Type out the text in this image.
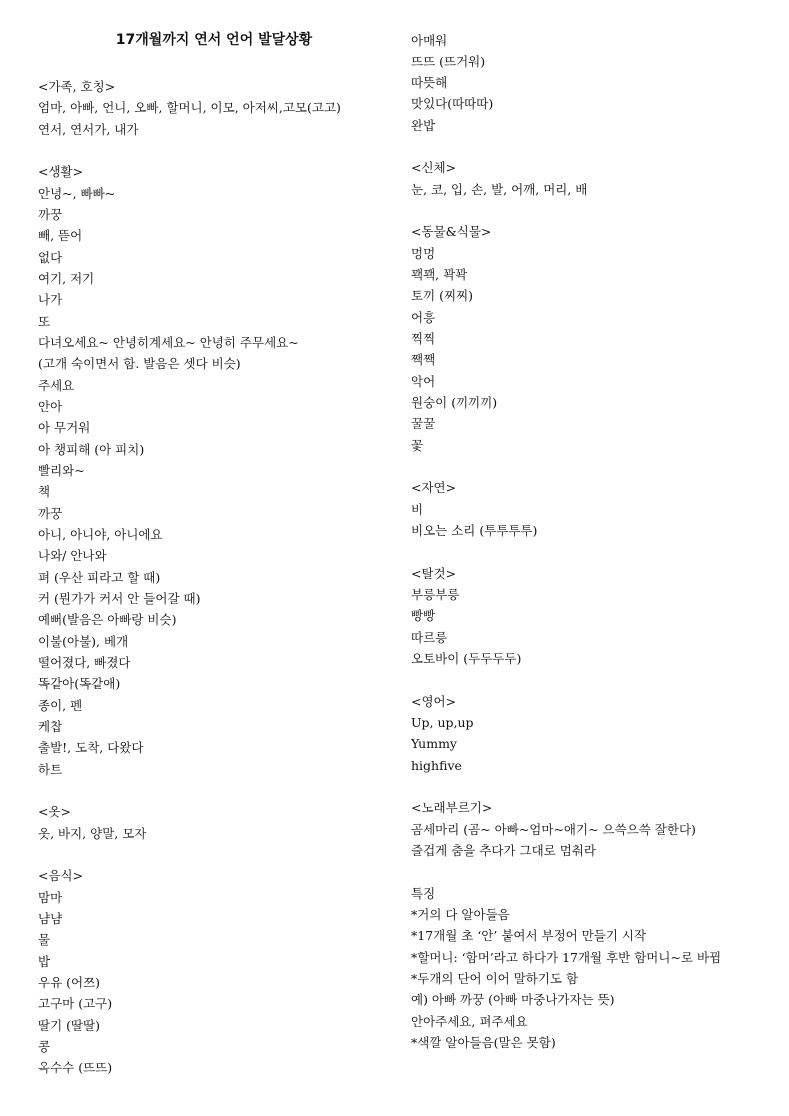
17개월까지 연서 언어 발달상황
<가족, 호칭>
엄마, 아빠, 언니, 오빠, 할머니, 이모, 아저씨,고모(고고)
연서, 연서가, 내가
<생활>
안녕~, 빠빠~
까꿍
빼, 뜯어
없다
여기, 저기
나가
또
다녀오세요~ 안녕히계세요~ 안녕히 주무세요~
(고개 숙이면서 함. 발음은 셋다 비슷)
주세요
안아
아 무거워
아 챙피해 (아 피치)
빨리와~
책
까꿍
아니, 아니야, 아니에요
나와/ 안나와
펴 (우산 피라고 할 때)
커 (뭔가가 커서 안 들어갈 때)
예뻐(발음은 아빠랑 비슷)
이불(아불), 베개
떨어졌다, 빠졌다
똑같아(똑같애)
종이, 펜
케찹
출발!, 도착, 다왔다
하트
<옷>
옷, 바지, 양말, 모자
<음식>
맘마
냠냠
물
밥
우유 (어쯔)
고구마 (고구)
딸기 (딸딸)
콩
옥수수 (뜨뜨)
아매워
뜨뜨 (뜨거워)
따뜻해
맛있다(따따따)
완밥
<신체>
눈, 코, 입, 손, 발, 어깨, 머리, 배
<동물&식물>
멍멍
꽥꽥, 꽉꽉
토끼 (찌찌)
어흥
찍찍
짹짹
악어
원숭이 (끼끼끼)
꿀꿀
꽃
<자연>
비
비오는 소리 (투투투투)
<탈것>
부릉부릉
빵빵
따르릉
오토바이 (두두두두)
<영어>
Up, up,up
Yummy
highfive
<노래부르기>
곰세마리 (곰~ 아빠~엄마~애기~ 으쓱으쓱 잘한다)
즐겁게 춤을 추다가 그대로 멈춰라
특징
*거의 다 알아들음
*17개월 초 ‘안’ 붙여서 부정어 만들기 시작
*할머니: ‘함머’라고 하다가 17개월 후반 함머니~로 바뀜
*두개의 단어 이어 말하기도 함
예) 아빠 까꿍 (아빠 마중나가자는 뜻)
안아주세요, 펴주세요
*색깔 알아들음(말은 못함)
